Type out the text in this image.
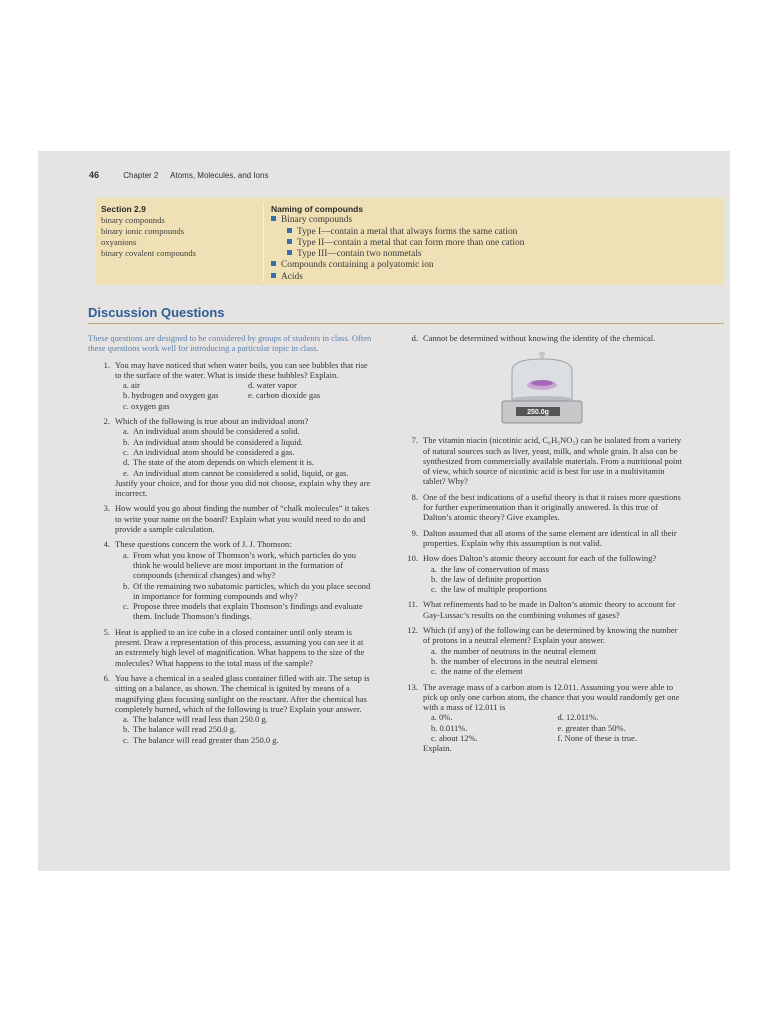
46	Chapter 2 Atoms, Molecules, and Ions
Section 2.9
binary compounds
binary ionic compounds
oxyanions
binary covalent compounds
Naming of compounds
Binary compounds
Type I—contain a metal that always forms the same cation
Type II—contain a metal that can form more than one cation
Type III—contain two nonmetals
Compounds containing a polyatomic ion
Acids
Discussion Questions
These questions are designed to be considered by groups of students in class. Often these questions work well for introducing a particular topic in class.
1. You may have noticed that when water boils, you can see bubbles that rise to the surface of the water. What is inside these bubbles? Explain.
a. air	d. water vapor
b. hydrogen and oxygen gas	e. carbon dioxide gas
c. oxygen gas
2. Which of the following is true about an individual atom?
a. An individual atom should be considered a solid.
b. An individual atom should be considered a liquid.
c. An individual atom should be considered a gas.
d. The state of the atom depends on which element it is.
e. An individual atom cannot be considered a solid, liquid, or gas.
Justify your choice, and for those you did not choose, explain why they are incorrect.
3. How would you go about finding the number of “chalk molecules” it takes to write your name on the board? Explain what you would need to do and provide a sample calculation.
4. These questions concern the work of J. J. Thomson:
a. From what you know of Thomson’s work, which particles do you think he would believe are most important in the formation of compounds (chemical changes) and why?
b. Of the remaining two subatomic particles, which do you place second in importance for forming compounds and why?
c. Propose three models that explain Thomson’s findings and evaluate them. Include Thomson’s findings.
5. Heat is applied to an ice cube in a closed container until only steam is present. Draw a representation of this process, assuming you can see it at an extremely high level of magnification. What happens to the size of the molecules? What happens to the total mass of the sample?
6. You have a chemical in a sealed glass container filled with air. The setup is sitting on a balance, as shown. The chemical is ignited by means of a magnifying glass focusing sunlight on the reactant. After the chemical has completely burned, which of the following is true? Explain your answer.
a. The balance will read less than 250.0 g.
b. The balance will read 250.0 g.
c. The balance will read greater than 250.0 g.
d. Cannot be determined without knowing the identity of the chemical.
250.0g
7. The vitamin niacin (nicotinic acid, C₆H₅NO₂) can be isolated from a variety of natural sources such as liver, yeast, milk, and whole grain. It also can be synthesized from commercially available materials. From a nutritional point of view, which source of nicotinic acid is best for use in a multivitamin tablet? Why?
8. One of the best indications of a useful theory is that it raises more questions for further experimentation than it originally answered. Is this true of Dalton’s atomic theory? Give examples.
9. Dalton assumed that all atoms of the same element are identical in all their properties. Explain why this assumption is not valid.
10. How does Dalton’s atomic theory account for each of the following?
a. the law of conservation of mass
b. the law of definite proportion
c. the law of multiple proportions
11. What refinements had to be made in Dalton’s atomic theory to account for Gay-Lussac’s results on the combining volumes of gases?
12. Which (if any) of the following can be determined by knowing the number of protons in a neutral element? Explain your answer.
a. the number of neutrons in the neutral element
b. the number of electrons in the neutral element
c. the name of the element
13. The average mass of a carbon atom is 12.011. Assuming you were able to pick up only one carbon atom, the chance that you would randomly get one with a mass of 12.011 is
a. 0%.	d. 12.011%.
b. 0.011%.	e. greater than 50%.
c. about 12%.	f. None of these is true.
Explain.
